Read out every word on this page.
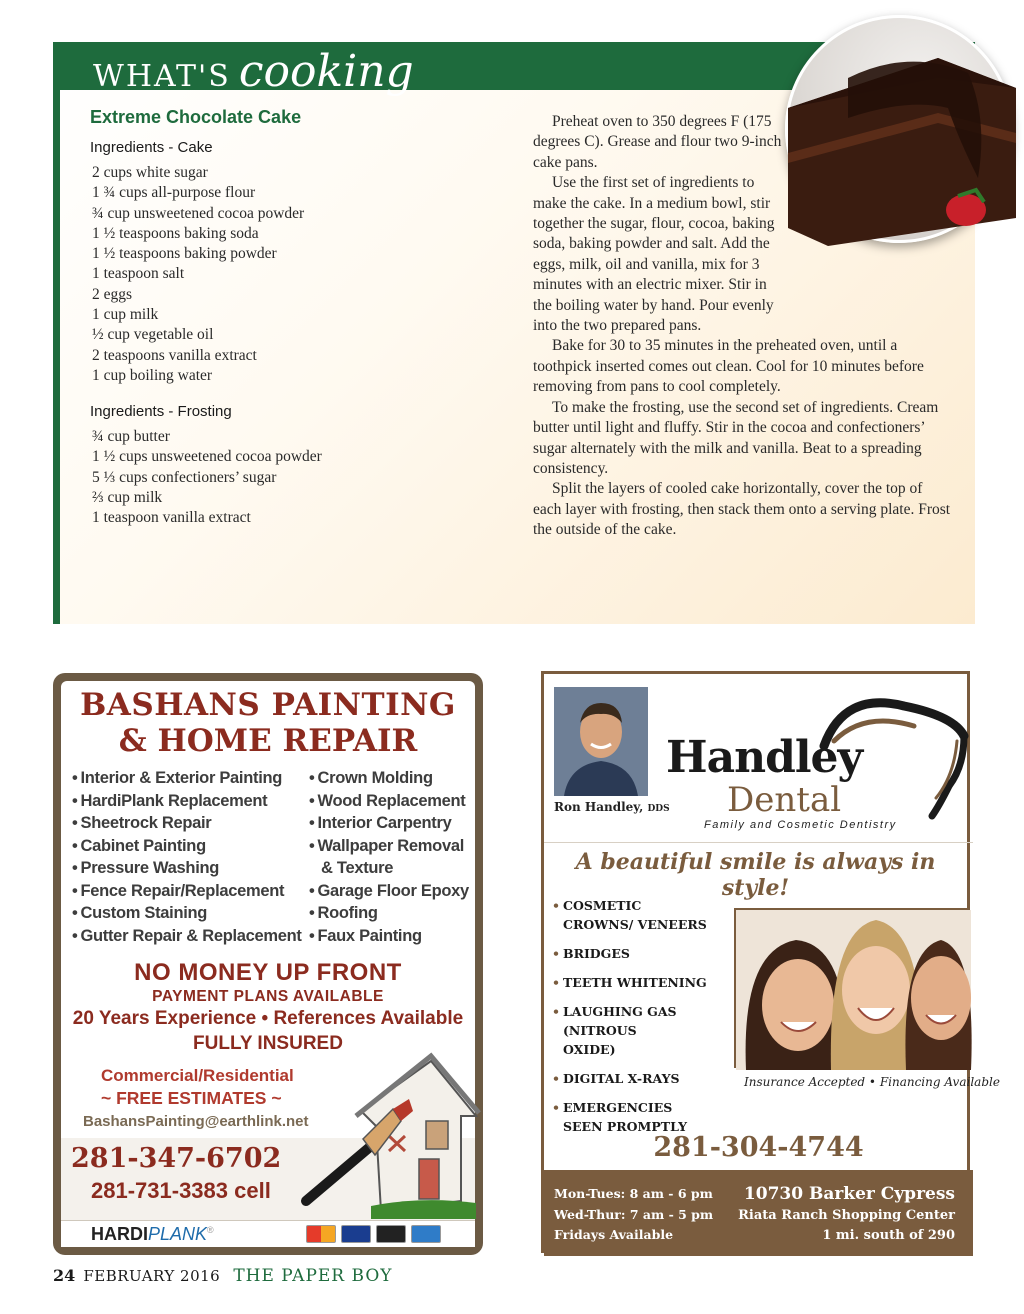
WHAT'S cooking
Extreme Chocolate Cake
Ingredients - Cake
2 cups white sugar
1 ¾ cups all-purpose flour
¾ cup unsweetened cocoa powder
1 ½ teaspoons baking soda
1 ½ teaspoons baking powder
1 teaspoon salt
2 eggs
1 cup milk
½ cup vegetable oil
2 teaspoons vanilla extract
1 cup boiling water
Ingredients - Frosting
¾ cup butter
1 ½ cups unsweetened cocoa powder
5 ⅓ cups confectioners’ sugar
⅔ cup milk
1 teaspoon vanilla extract

Preheat oven to 350 degrees F (175 degrees C). Grease and flour two 9-inch cake pans.

Use the first set of ingredients to make the cake. In a medium bowl, stir together the sugar, flour, cocoa, baking soda, baking powder and salt. Add the eggs, milk, oil and vanilla, mix for 3 minutes with an electric mixer. Stir in the boiling water by hand. Pour evenly into the two prepared pans.

Bake for 30 to 35 minutes in the preheated oven, until a toothpick inserted comes out clean. Cool for 10 minutes before removing from pans to cool completely.

To make the frosting, use the second set of ingredients. Cream butter until light and fluffy. Stir in the cocoa and confectioners’ sugar alternately with the milk and vanilla. Beat to a spreading consistency.

Split the layers of cooled cake horizontally, cover the top of each layer with frosting, then stack them onto a serving plate. Frost the outside of the cake.

BASHANS PAINTING
& HOME REPAIR
• Interior & Exterior Painting
• HardiPlank Replacement
• Sheetrock Repair
• Cabinet Painting
• Pressure Washing
• Fence Repair/Replacement
• Custom Staining
• Gutter Repair & Replacement
• Crown Molding
• Wood Replacement
• Interior Carpentry
• Wallpaper Removal
& Texture
• Garage Floor Epoxy
• Roofing
• Faux Painting
NO MONEY UP FRONT
PAYMENT PLANS AVAILABLE
20 Years Experience • References Available
FULLY INSURED
Commercial/Residential
~ FREE ESTIMATES ~
BashansPainting@earthlink.net
281-347-6702
281-731-3383 cell
HARDIPLANK®
Ron Handley, DDS
Handley
Dental
Family and Cosmetic Dentistry
A beautiful smile is always in style!
• COSMETIC CROWNS/ VENEERS
• BRIDGES
• TEETH WHITENING
• LAUGHING GAS (NITROUS OXIDE)
• DIGITAL X-RAYS
• EMERGENCIES SEEN PROMPTLY
Insurance Accepted • Financing Available
281-304-4744
Mon-Tues: 8 am - 6 pm
Wed-Thur: 7 am - 5 pm
Fridays Available
10730 Barker Cypress
Riata Ranch Shopping Center
1 mi. south of 290
24 FEBRUARY 2016 THE PAPER BOY
